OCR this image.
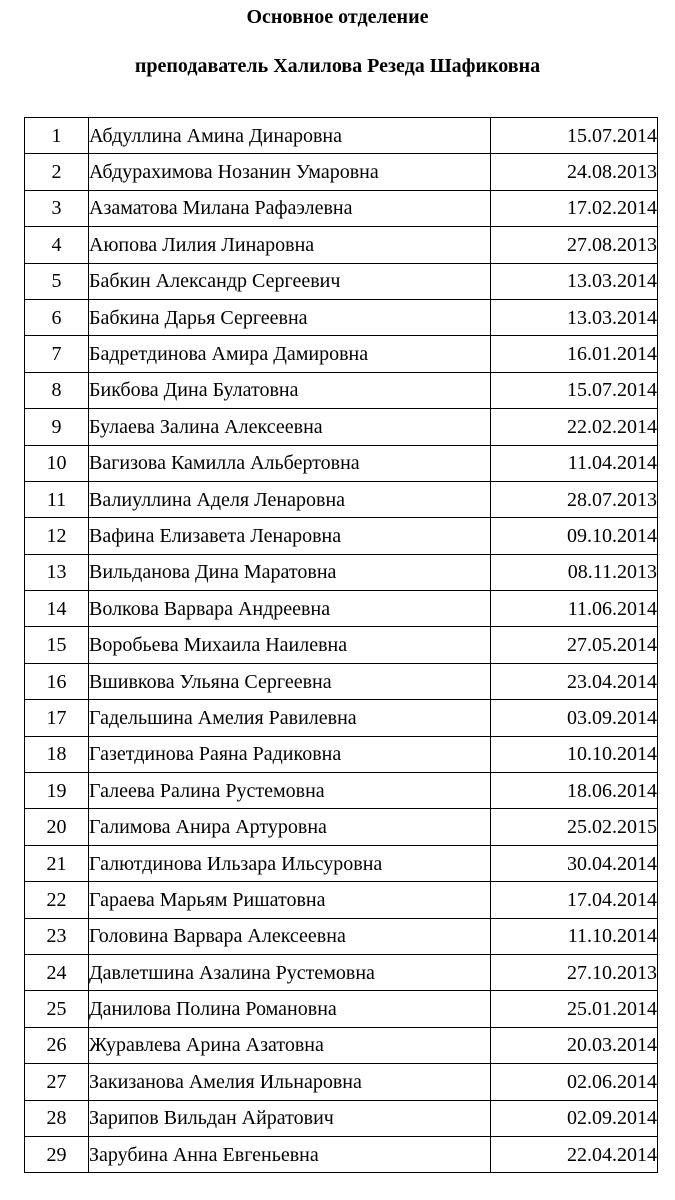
Основное отделение
преподаватель Халилова Резеда Шафиковна
1	Абдуллина Амина Динаровна	15.07.2014
2	Абдурахимова Нозанин Умаровна	24.08.2013
3	Азаматова Милана Рафаэлевна	17.02.2014
4	Аюпова Лилия Линаровна	27.08.2013
5	Бабкин Александр Сергеевич	13.03.2014
6	Бабкина Дарья Сергеевна	13.03.2014
7	Бадретдинова Амира Дамировна	16.01.2014
8	Бикбова Дина Булатовна	15.07.2014
9	Булаева Залина Алексеевна	22.02.2014
10	Вагизова Камилла Альбертовна	11.04.2014
11	Валиуллина Аделя Ленаровна	28.07.2013
12	Вафина Елизавета Ленаровна	09.10.2014
13	Вильданова Дина Маратовна	08.11.2013
14	Волкова Варвара Андреевна	11.06.2014
15	Воробьева Михаила Наилевна	27.05.2014
16	Вшивкова Ульяна Сергеевна	23.04.2014
17	Гадельшина Амелия Равилевна	03.09.2014
18	Газетдинова Раяна Радиковна	10.10.2014
19	Галеева Ралина Рустемовна	18.06.2014
20	Галимова Анира Артуровна	25.02.2015
21	Галютдинова Ильзара Ильсуровна	30.04.2014
22	Гараева Марьям Ришатовна	17.04.2014
23	Головина Варвара Алексеевна	11.10.2014
24	Давлетшина Азалина Рустемовна	27.10.2013
25	Данилова Полина Романовна	25.01.2014
26	Журавлева Арина Азатовна	20.03.2014
27	Закизанова Амелия Ильнаровна	02.06.2014
28	Зарипов Вильдан Айратович	02.09.2014
29	Зарубина Анна Евгеньевна	22.04.2014
